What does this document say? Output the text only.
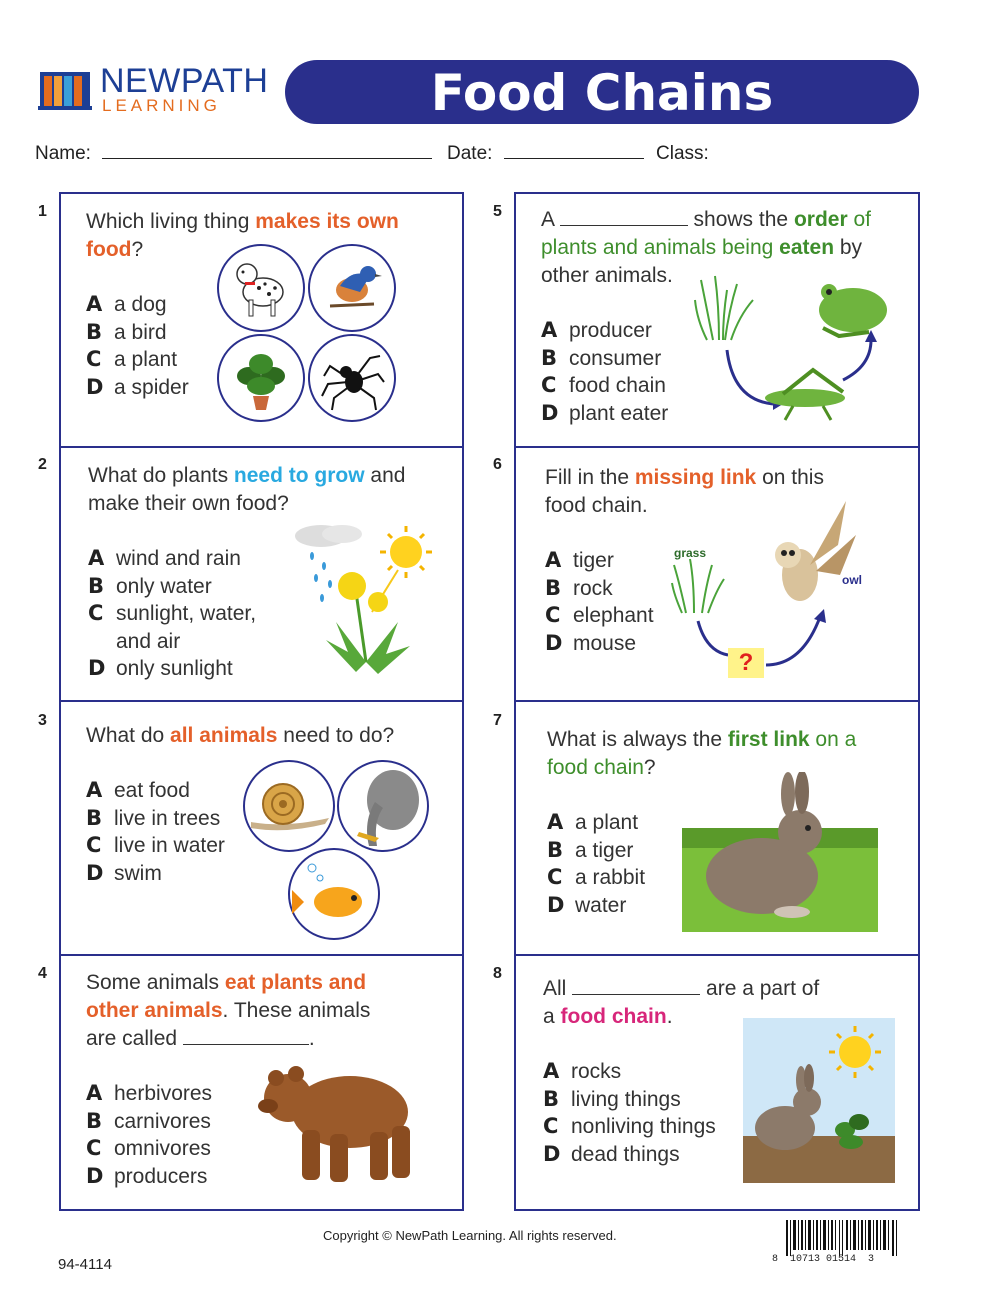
NEWPATH
LEARNING	Food Chains
Name:	Date:	Class:
1
2
3
4
5
6
7
8
Which living thing makes its own
food?
A a dog
B a bird
C a plant
D a spider
What do plants need to grow and
make their own food?
A wind and rain
B only water
C sunlight, water,
and air
D only sunlight
What do all animals need to do?
A eat food
B live in trees
C live in water
D swim
Some animals eat plants and
other animals. These animals
are called	.
A herbivores
B carnivores
C omnivores
D producers
A	shows the order of
plants and animals being eaten by
other animals.
A producer
B consumer
C food chain
D plant eater
Fill in the missing link on this
food chain.
A tiger
B rock
C elephant
D mouse
grass
owl
?
What is always the first link on a
food chain?
A a plant
B a tiger
C a rabbit
D water
All	are a part of
a food chain.
A rocks
B living things
C nonliving things
D dead things
Copyright © NewPath Learning. All rights reserved.
94-4114	8  10713 01514  3
